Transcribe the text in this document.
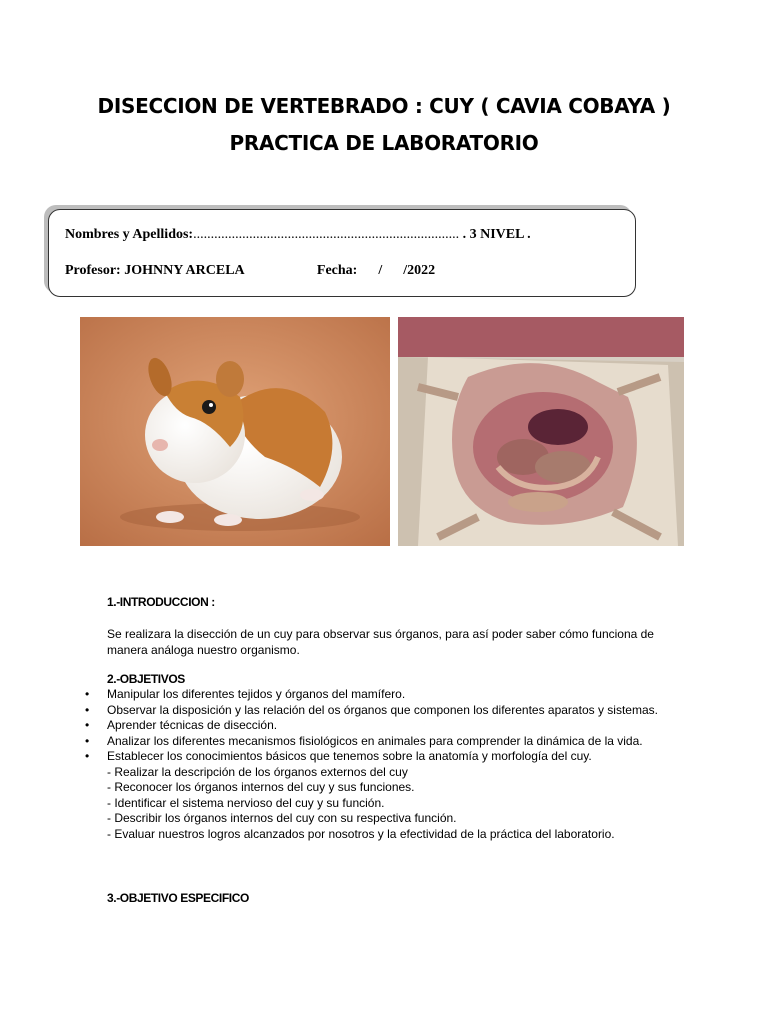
DISECCION DE VERTEBRADO : CUY ( CAVIA COBAYA )
PRACTICA DE LABORATORIO
Nombres y Apellidos:............................................................................ . 3 NIVEL .
Profesor: JOHNNY ARCELA	Fecha: /      /2022
1.-INTRODUCCION :
Se realizara la disección de un cuy para observar sus órganos, para así poder saber cómo funciona de manera análoga nuestro organismo.
2.-OBJETIVOS
• Manipular los diferentes tejidos y órganos del mamífero.
• Observar la disposición y las relación del os órganos que componen los diferentes aparatos y sistemas.
• Aprender técnicas de disección.
• Analizar los diferentes mecanismos fisiológicos en animales para comprender la dinámica de la vida.
• Establecer los conocimientos básicos que tenemos sobre la anatomía y morfología del cuy.
- Realizar la descripción de los órganos externos del cuy
- Reconocer los órganos internos del cuy y sus funciones.
- Identificar el sistema nervioso del cuy y su función.
- Describir los órganos internos del cuy con su respectiva función.
- Evaluar nuestros logros alcanzados por nosotros y la efectividad de la práctica del laboratorio.
3.-OBJETIVO ESPECIFICO
